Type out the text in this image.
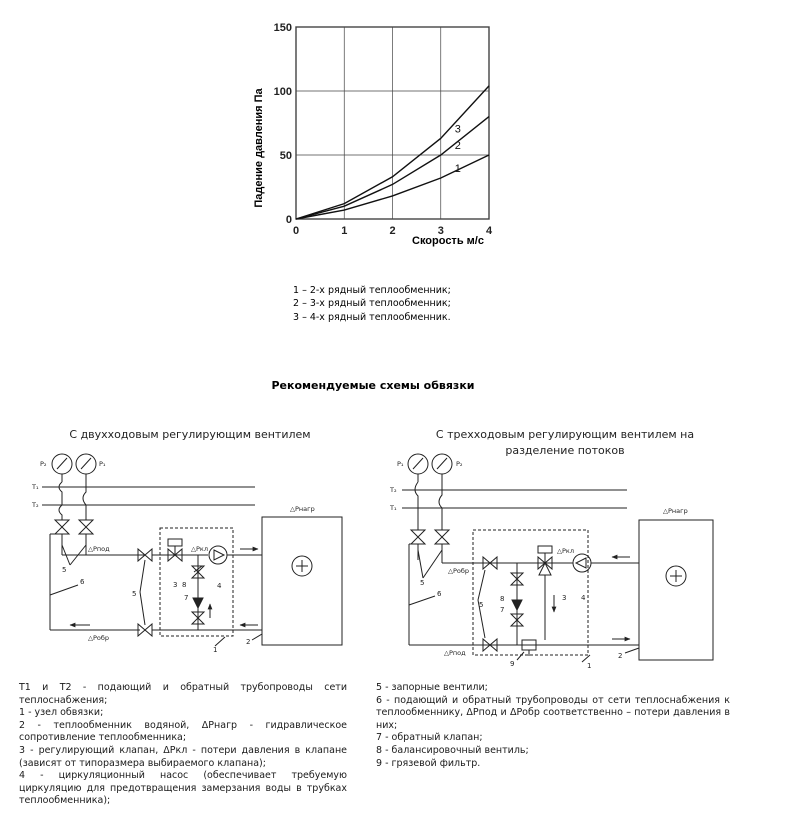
0	1	2	3	4
0
50
100
150
1
2
3
Скорость м/с
Падение давления Па
1 – 2-х рядный теплообменник;
2 – 3-х рядный теплообменник;
3 – 4-х рядный теплообменник.
Рекомендуемые схемы обвязки
С двухходовым регулирующим вентилем
P₂	P₁
T₁
T₂
△Pпод
△Pобр
5
6
5
△Pкл
3 8	4
7
△Pнагр
1
2
С трехходовым регулирующим вентилем на
разделение потоков
P₁	P₂
T₂
T₁
5
△Pобр
△Pпод
6
5
8
7
△Pкл
9
3 4
△Pнагр
1
2

T1 и T2 - подающий и обратный трубопроводы сети теплоснабжения;

1 - узел обвязки;

2 - теплообменник водяной, ΔPнагр - гидравлическое сопротивление теплообменника;

3 - регулирующий клапан, ΔPкл - потери давления в клапане (зависят от типоразмера выбираемого клапана);

4 - циркуляционный насос (обеспечивает требуемую циркуляцию для предотвращения замерзания воды в трубках теплообменника);

5 - запорные вентили;

6 - подающий и обратный трубопроводы от сети теплоснабжения к теплообменнику, ΔPпод и ΔPобр соответственно – потери давления в них;

7 - обратный клапан;

8 - балансировочный вентиль;

9 - грязевой фильтр.
